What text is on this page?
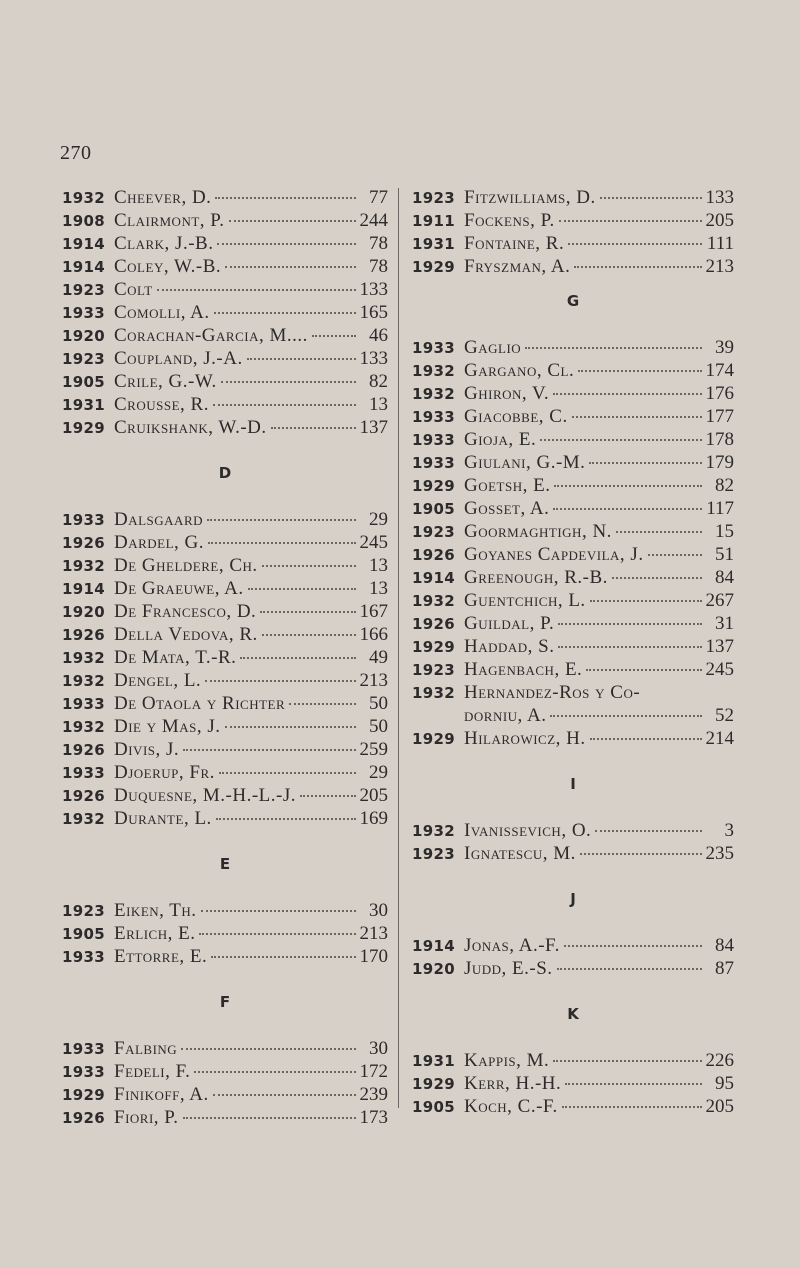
270
1932 Cheever, D.	77
1908 Clairmont, P.	244
1914 Clark, J.-B.	78
1914 Coley, W.-B.	78
1923 Colt	133
1933 Comolli, A.	165
1920 Corachan-Garcia, M....	46
1923 Coupland, J.-A.	133
1905 Crile, G.-W.	82
1931 Crousse, R.	13
1929 Cruikshank, W.-D.	137
D
1933 Dalsgaard	29
1926 Dardel, G.	245
1932 De Gheldere, Ch.	13
1914 De Graeuwe, A.	13
1920 De Francesco, D.	167
1926 Della Vedova, R.	166
1932 De Mata, T.-R.	49
1932 Dengel, L.	213
1933 De Otaola y Richter	50
1932 Die y Mas, J.	50
1926 Divis, J.	259
1933 Djoerup, Fr.	29
1926 Duquesne, M.-H.-L.-J.	205
1932 Durante, L.	169
E
1923 Eiken, Th.	30
1905 Erlich, E.	213
1933 Ettorre, E.	170
F
1933 Falbing	30
1933 Fedeli, F.	172
1929 Finikoff, A.	239
1926 Fiori, P.	173
1923 Fitzwilliams, D.	133
1911 Fockens, P.	205
1931 Fontaine, R.	111
1929 Fryszman, A.	213
G
1933 Gaglio	39
1932 Gargano, Cl.	174
1932 Ghiron, V.	176
1933 Giacobbe, C.	177
1933 Gioja, E.	178
1933 Giulani, G.-M.	179
1929 Goetsh, E.	82
1905 Gosset, A.	117
1923 Goormaghtigh, N.	15
1926 Goyanes Capdevila, J.	51
1914 Greenough, R.-B.	84
1932 Guentchich, L.	267
1926 Guildal, P.	31
1929 Haddad, S.	137
1923 Hagenbach, E.	245
1932 Hernandez-Ros y Co-
dorniu, A.	52
1929 Hilarowicz, H.	214
I
1932 Ivanissevich, O.	3
1923 Ignatescu, M.	235
J
1914 Jonas, A.-F.	84
1920 Judd, E.-S.	87
K
1931 Kappis, M.	226
1929 Kerr, H.-H.	95
1905 Koch, C.-F.	205
